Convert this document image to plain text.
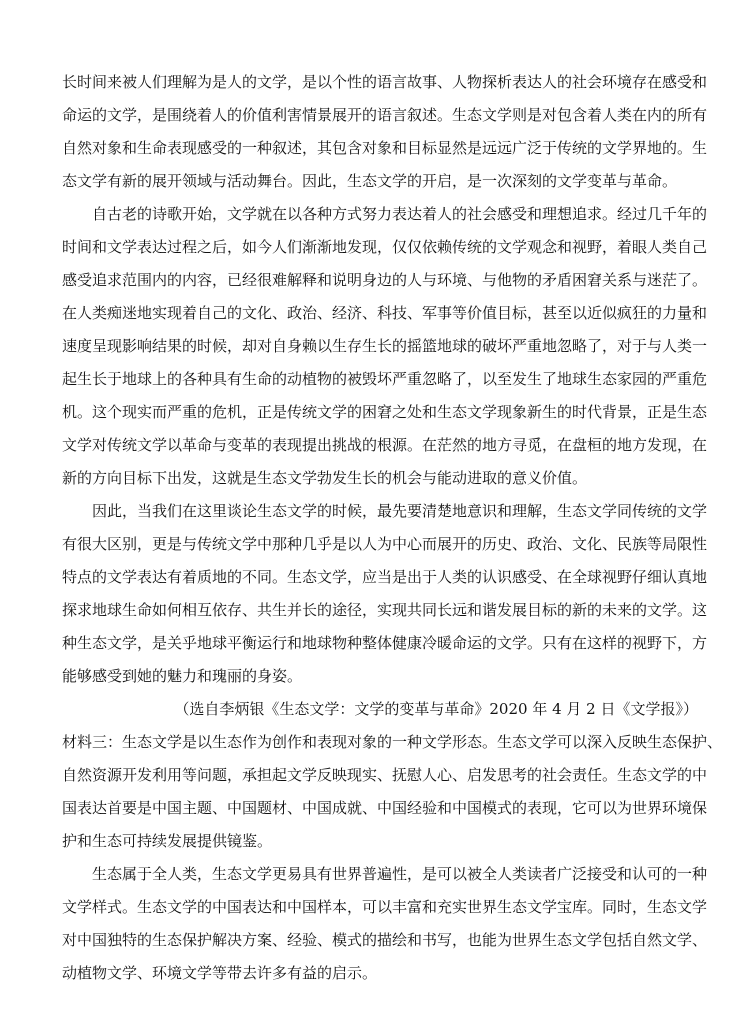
长时间来被人们理解为是人的文学，是以个性的语言故事、人物探析表达人的社会环境存在感受和
命运的文学，是围绕着人的价值利害情景展开的语言叙述。生态文学则是对包含着人类在内的所有
自然对象和生命表现感受的一种叙述，其包含对象和目标显然是远远广泛于传统的文学界地的。生
态文学有新的展开领域与活动舞台。因此，生态文学的开启，是一次深刻的文学变革与革命。
　　自古老的诗歌开始，文学就在以各种方式努力表达着人的社会感受和理想追求。经过几千年的
时间和文学表达过程之后，如今人们渐渐地发现，仅仅依赖传统的文学观念和视野，着眼人类自己
感受追求范围内的内容，已经很难解释和说明身边的人与环境、与他物的矛盾困窘关系与迷茫了。
在人类痴迷地实现着自己的文化、政治、经济、科技、军事等价值目标，甚至以近似疯狂的力量和
速度呈现影响结果的时候，却对自身赖以生存生长的摇篮地球的破坏严重地忽略了，对于与人类一
起生长于地球上的各种具有生命的动植物的被毁坏严重忽略了，以至发生了地球生态家园的严重危
机。这个现实而严重的危机，正是传统文学的困窘之处和生态文学现象新生的时代背景，正是生态
文学对传统文学以革命与变革的表现提出挑战的根源。在茫然的地方寻觅，在盘桓的地方发现，在
新的方向目标下出发，这就是生态文学勃发生长的机会与能动进取的意义价值。
　　因此，当我们在这里谈论生态文学的时候，最先要清楚地意识和理解，生态文学同传统的文学
有很大区别，更是与传统文学中那种几乎是以人为中心而展开的历史、政治、文化、民族等局限性
特点的文学表达有着质地的不同。生态文学，应当是出于人类的认识感受、在全球视野仔细认真地
探求地球生命如何相互依存、共生并长的途径，实现共同长远和谐发展目标的新的未来的文学。这
种生态文学，是关乎地球平衡运行和地球物种整体健康冷暖命运的文学。只有在这样的视野下，方
能够感受到她的魅力和瑰丽的身姿。
（选自李炳银《生态文学：文学的变革与革命》2020 年 4 月 2 日《文学报》）
材料三：生态文学是以生态作为创作和表现对象的一种文学形态。生态文学可以深入反映生态保护、
自然资源开发利用等问题，承担起文学反映现实、抚慰人心、启发思考的社会责任。生态文学的中
国表达首要是中国主题、中国题材、中国成就、中国经验和中国模式的表现，它可以为世界环境保
护和生态可持续发展提供镜鉴。
　　生态属于全人类，生态文学更易具有世界普遍性，是可以被全人类读者广泛接受和认可的一种
文学样式。生态文学的中国表达和中国样本，可以丰富和充实世界生态文学宝库。同时，生态文学
对中国独特的生态保护解决方案、经验、模式的描绘和书写，也能为世界生态文学包括自然文学、
动植物文学、环境文学等带去许多有益的启示。
